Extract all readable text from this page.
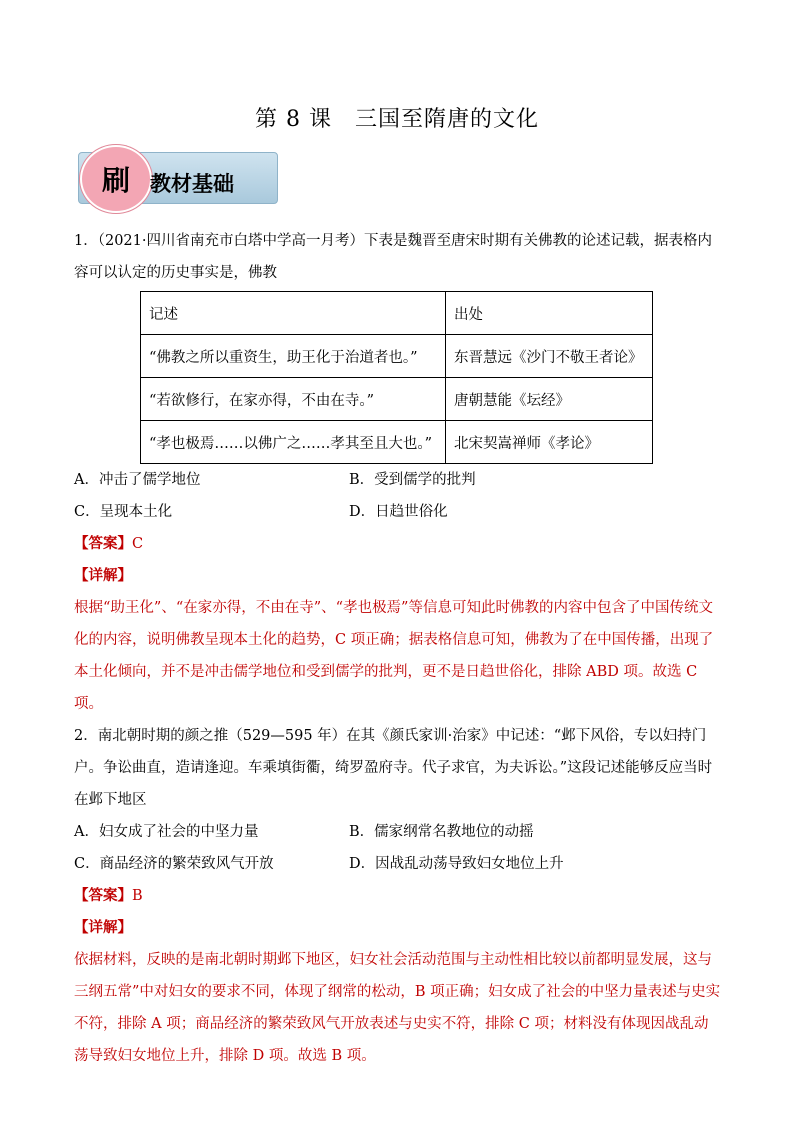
第 8 课　三国至隋唐的文化
刷 教材基础
1．（2021·四川省南充市白塔中学高一月考）下表是魏晋至唐宋时期有关佛教的论述记载，据表格内
容可以认定的历史事实是，佛教
记述	出处
“佛教之所以重资生，助王化于治道者也。”	东晋慧远《沙门不敬王者论》
“若欲修行，在家亦得，不由在寺。”	唐朝慧能《坛经》
“孝也极焉……以佛广之……孝其至且大也。”	北宋契嵩禅师《孝论》
A．冲击了儒学地位	B．受到儒学的批判
C．呈现本土化	D．日趋世俗化
【答案】C
【详解】
根据“助王化”、“在家亦得，不由在寺”、“孝也极焉”等信息可知此时佛教的内容中包含了中国传统文化的内容，说明佛教呈现本土化的趋势，C 项正确；据表格信息可知，佛教为了在中国传播，出现了本土化倾向，并不是冲击儒学地位和受到儒学的批判，更不是日趋世俗化，排除 ABD 项。故选 C 项。
2．南北朝时期的颜之推（529—595 年）在其《颜氏家训·治家》中记述：“邺下风俗，专以妇持门户。争讼曲直，造请逢迎。车乘填街衢，绮罗盈府寺。代子求官，为夫诉讼。”这段记述能够反应当时在邺下地区
A．妇女成了社会的中坚力量	B．儒家纲常名教地位的动摇
C．商品经济的繁荣致风气开放	D．因战乱动荡导致妇女地位上升
【答案】B
【详解】
依据材料，反映的是南北朝时期邺下地区，妇女社会活动范围与主动性相比较以前都明显发展，这与三纲五常”中对妇女的要求不同，体现了纲常的松动，B 项正确；妇女成了社会的中坚力量表述与史实不符，排除 A 项；商品经济的繁荣致风气开放表述与史实不符，排除 C 项；材料没有体现因战乱动荡导致妇女地位上升，排除 D 项。故选 B 项。
